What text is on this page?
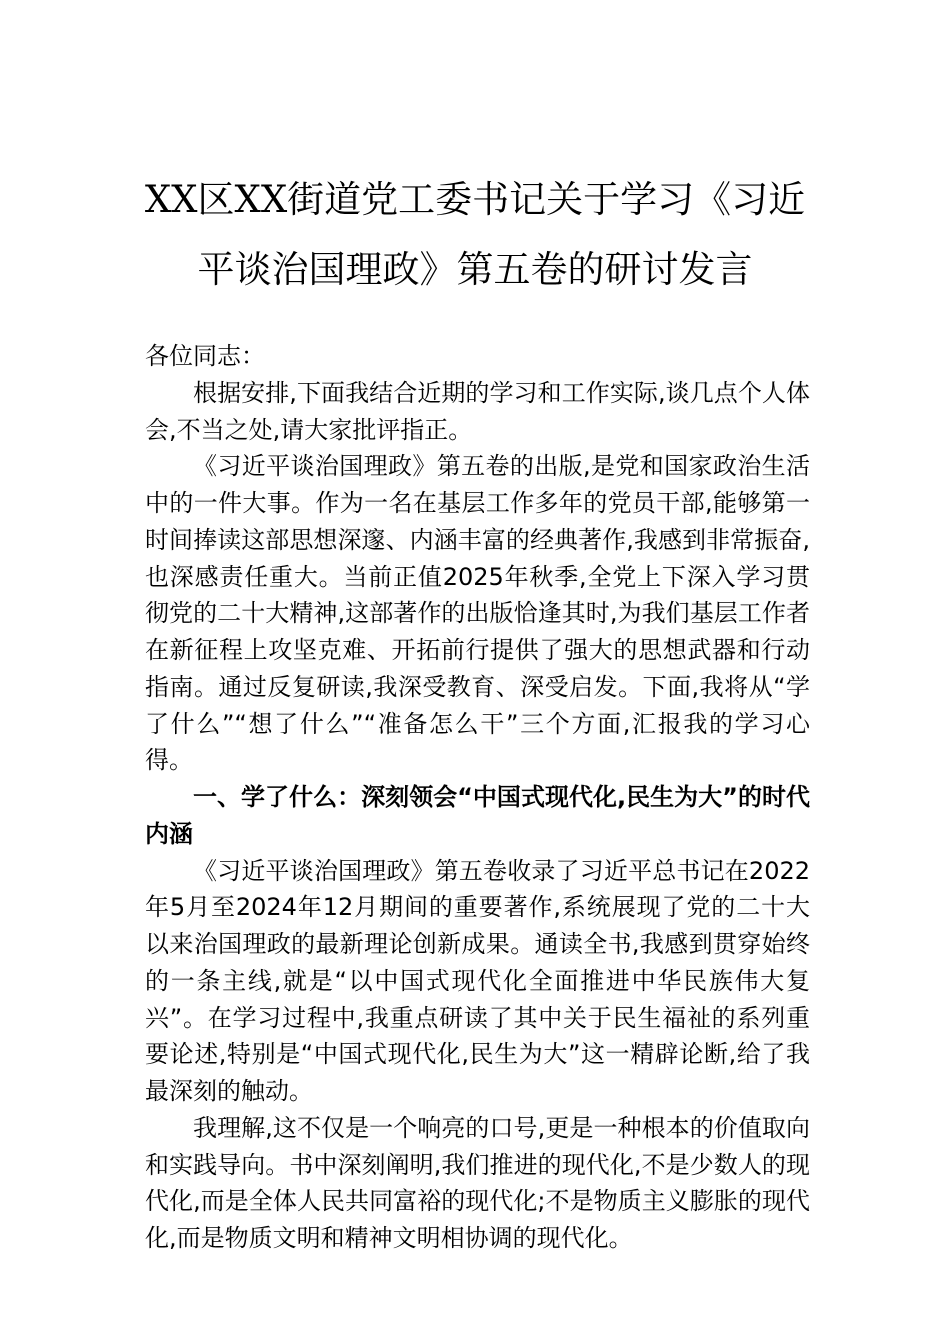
XX区XX街道党工委书记关于学习《习近
平谈治国理政》第五卷的研讨发言

各位同志：

根据安排,下面我结合近期的学习和工作实际,谈几点个人体会,不当之处,请大家批评指正。

《习近平谈治国理政》第五卷的出版,是党和国家政治生活中的一件大事。作为一名在基层工作多年的党员干部,能够第一时间捧读这部思想深邃、内涵丰富的经典著作,我感到非常振奋,也深感责任重大。当前正值2025年秋季,全党上下深入学习贯彻党的二十大精神,这部著作的出版恰逢其时,为我们基层工作者在新征程上攻坚克难、开拓前行提供了强大的思想武器和行动指南。通过反复研读,我深受教育、深受启发。下面,我将从“学了什么”“想了什么”“准备怎么干”三个方面,汇报我的学习心得。

一、学了什么：深刻领会“中国式现代化,民生为大”的时代内涵

《习近平谈治国理政》第五卷收录了习近平总书记在2022年5月至2024年12月期间的重要著作,系统展现了党的二十大以来治国理政的最新理论创新成果。通读全书,我感到贯穿始终的一条主线,就是“以中国式现代化全面推进中华民族伟大复兴”。在学习过程中,我重点研读了其中关于民生福祉的系列重要论述,特别是“中国式现代化,民生为大”这一精辟论断,给了我最深刻的触动。

我理解,这不仅是一个响亮的口号,更是一种根本的价值取向和实践导向。书中深刻阐明,我们推进的现代化,不是少数人的现代化,而是全体人民共同富裕的现代化;不是物质主义膨胀的现代化,而是物质文明和精神文明相协调的现代化。
